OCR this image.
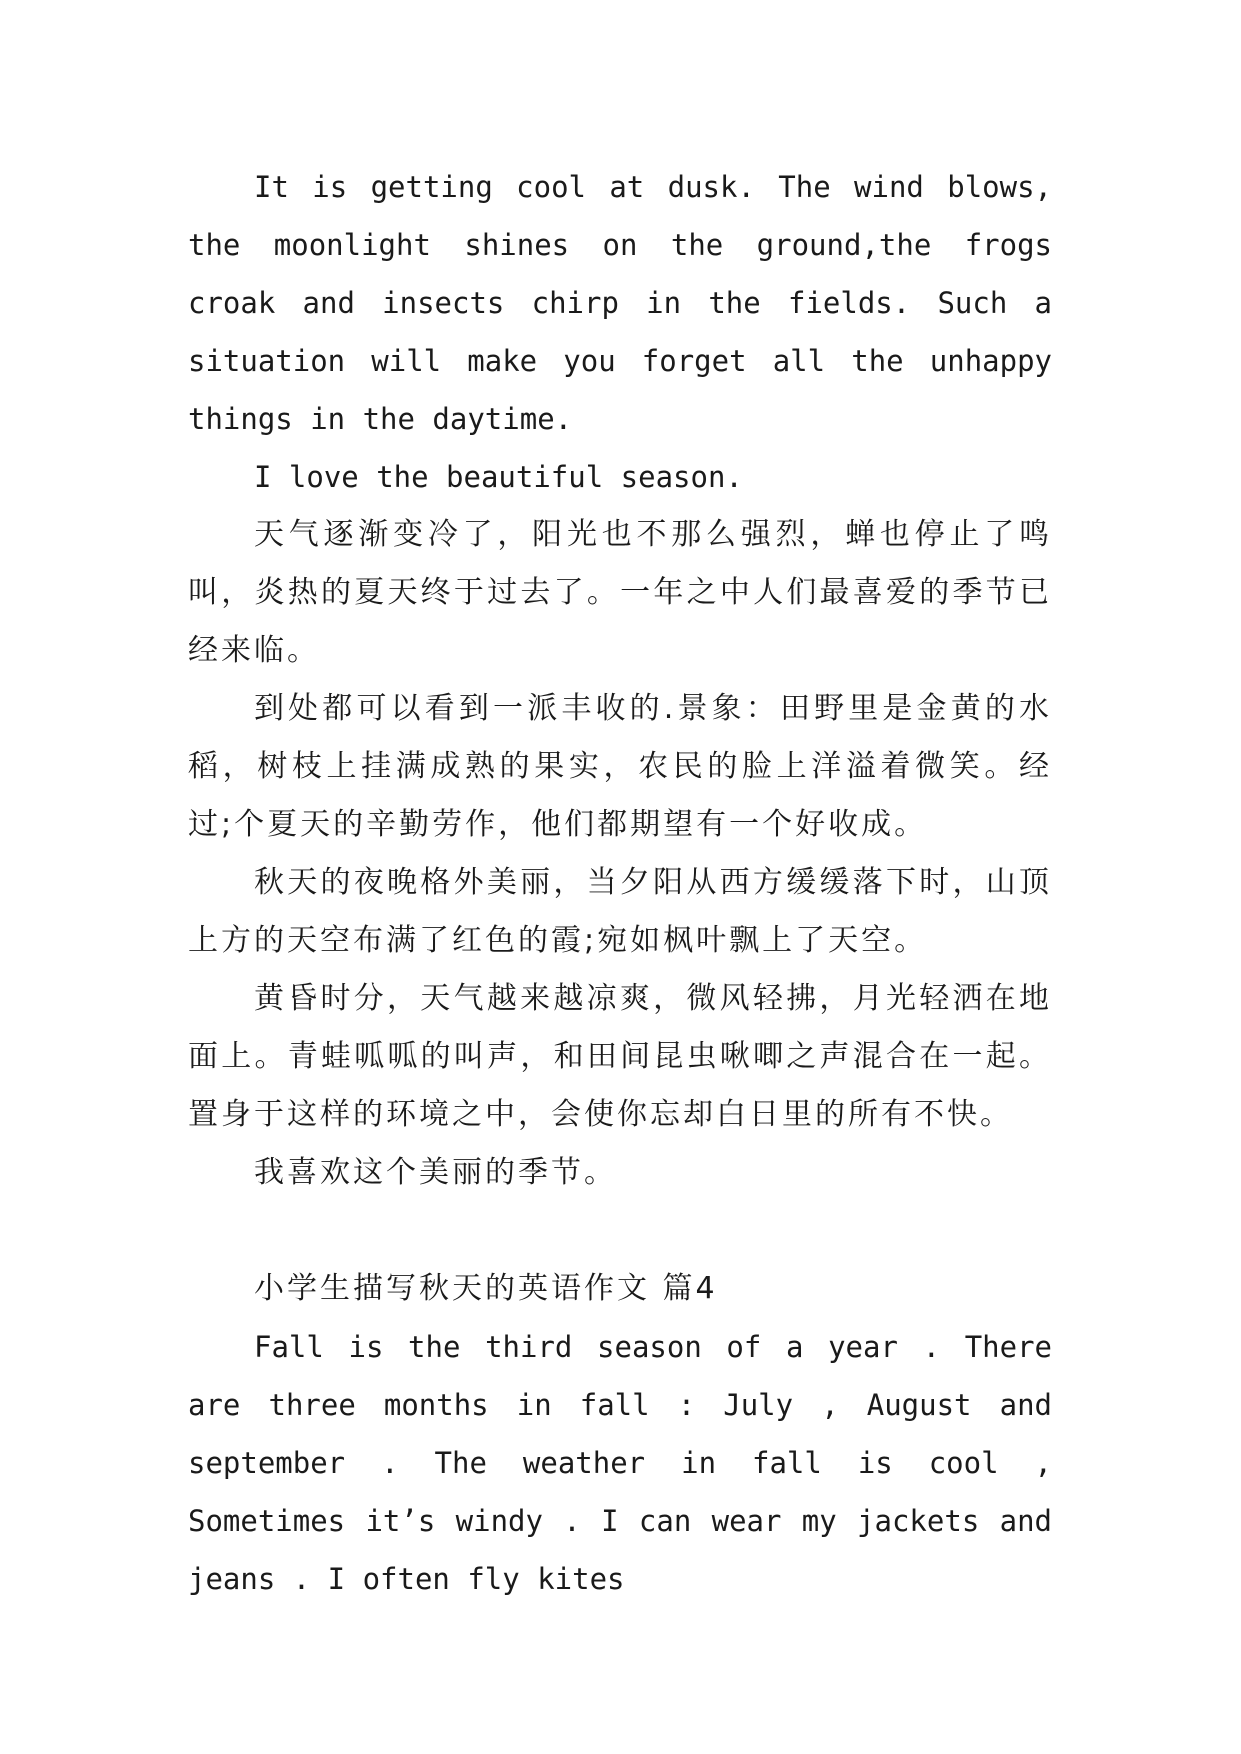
It is getting cool at dusk. The wind blows, the moonlight shines on the ground,the frogs croak and insects chirp in the fields. Such a situation will make you forget all the unhappy things in the daytime.

I love the beautiful season.

天气逐渐变冷了，阳光也不那么强烈，蝉也停止了鸣叫，炎热的夏天终于过去了。一年之中人们最喜爱的季节已经来临。

到处都可以看到一派丰收的.景象：田野里是金黄的水稻，树枝上挂满成熟的果实，农民的脸上洋溢着微笑。经过;个夏天的辛勤劳作，他们都期望有一个好收成。

秋天的夜晚格外美丽，当夕阳从西方缓缓落下时，山顶上方的天空布满了红色的霞;宛如枫叶飘上了天空。

黄昏时分，天气越来越凉爽，微风轻拂，月光轻洒在地面上。青蛙呱呱的叫声，和田间昆虫啾唧之声混合在一起。置身于这样的环境之中，会使你忘却白日里的所有不快。

我喜欢这个美丽的季节。

小学生描写秋天的英语作文 篇4

Fall is the third season of a year . There are three months in fall : July , August and september . The weather in fall is cool , Sometimes it’s windy . I can wear my jackets and jeans . I often fly kites
